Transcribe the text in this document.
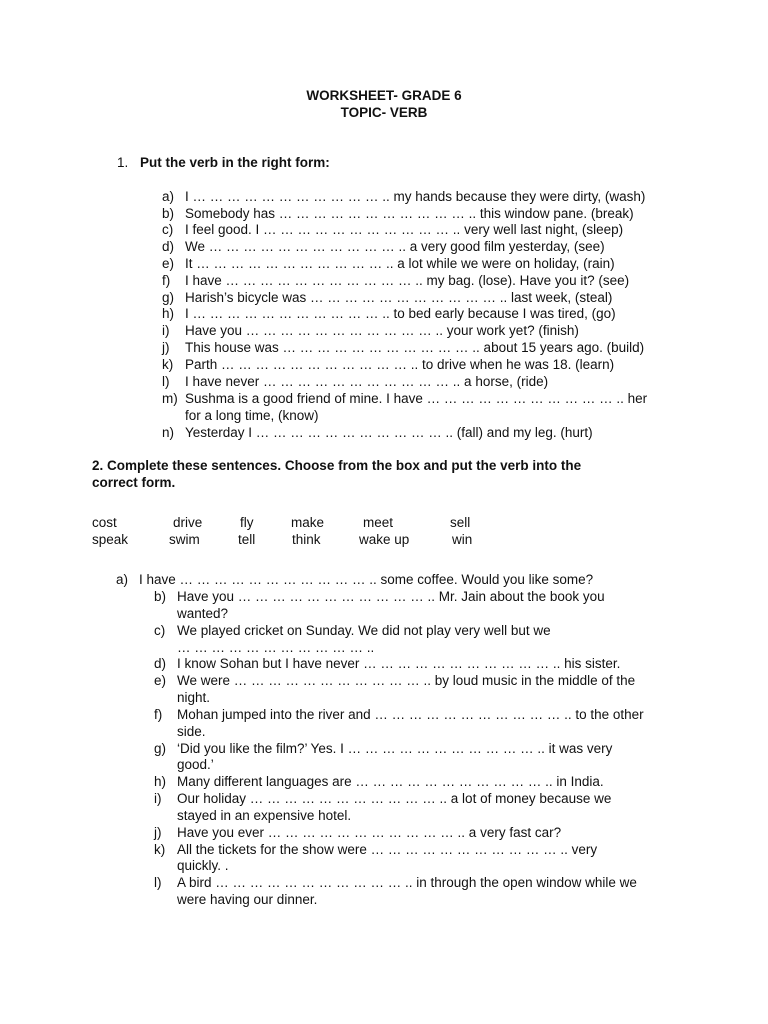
WORKSHEET- GRADE 6
TOPIC- VERB
1. Put the verb in the right form:
a) I … … … … … … … … … … … .. my hands because they were dirty, (wash)
b) Somebody has … … … … … … … … … … … .. this window pane. (break)
c) I feel good. I … … … … … … … … … … … .. very well last night, (sleep)
d) We … … … … … … … … … … … .. a very good film yesterday, (see)
e) It … … … … … … … … … … … .. a lot while we were on holiday, (rain)
f) I have … … … … … … … … … … … .. my bag. (lose). Have you it? (see)
g) Harish’s bicycle was … … … … … … … … … … … .. last week, (steal)
h) I … … … … … … … … … … … .. to bed early because I was tired, (go)
i) Have you … … … … … … … … … … … .. your work yet? (finish)
j) This house was … … … … … … … … … … … .. about 15 years ago. (build)
k) Parth … … … … … … … … … … … .. to drive when he was 18. (learn)
l) I have never … … … … … … … … … … … .. a horse, (ride)
m) Sushma is a good friend of mine. I have … … … … … … … … … … … .. her
for a long time, (know)
n) Yesterday I … … … … … … … … … … … .. (fall) and my leg. (hurt)
2. Complete these sentences. Choose from the box and put the verb into the
correct form.
cost	drive	fly	make	meet	sell
speak	swim	tell	think	wake up	win
a) I have … … … … … … … … … … … .. some coffee. Would you like some?
b) Have you … … … … … … … … … … … .. Mr. Jain about the book you
wanted?
c) We played cricket on Sunday. We did not play very well but we
… … … … … … … … … … … ..
d) I know Sohan but I have never … … … … … … … … … … … .. his sister.
e) We were … … … … … … … … … … … .. by loud music in the middle of the
night.
f) Mohan jumped into the river and … … … … … … … … … … … .. to the other
side.
g) ‘Did you like the film?’ Yes. I … … … … … … … … … … … .. it was very
good.’
h) Many different languages are … … … … … … … … … … … .. in India.
i) Our holiday … … … … … … … … … … … .. a lot of money because we
stayed in an expensive hotel.
j) Have you ever … … … … … … … … … … … .. a very fast car?
k) All the tickets for the show were … … … … … … … … … … … .. very
quickly. .
l) A bird … … … … … … … … … … … .. in through the open window while we
were having our dinner.
